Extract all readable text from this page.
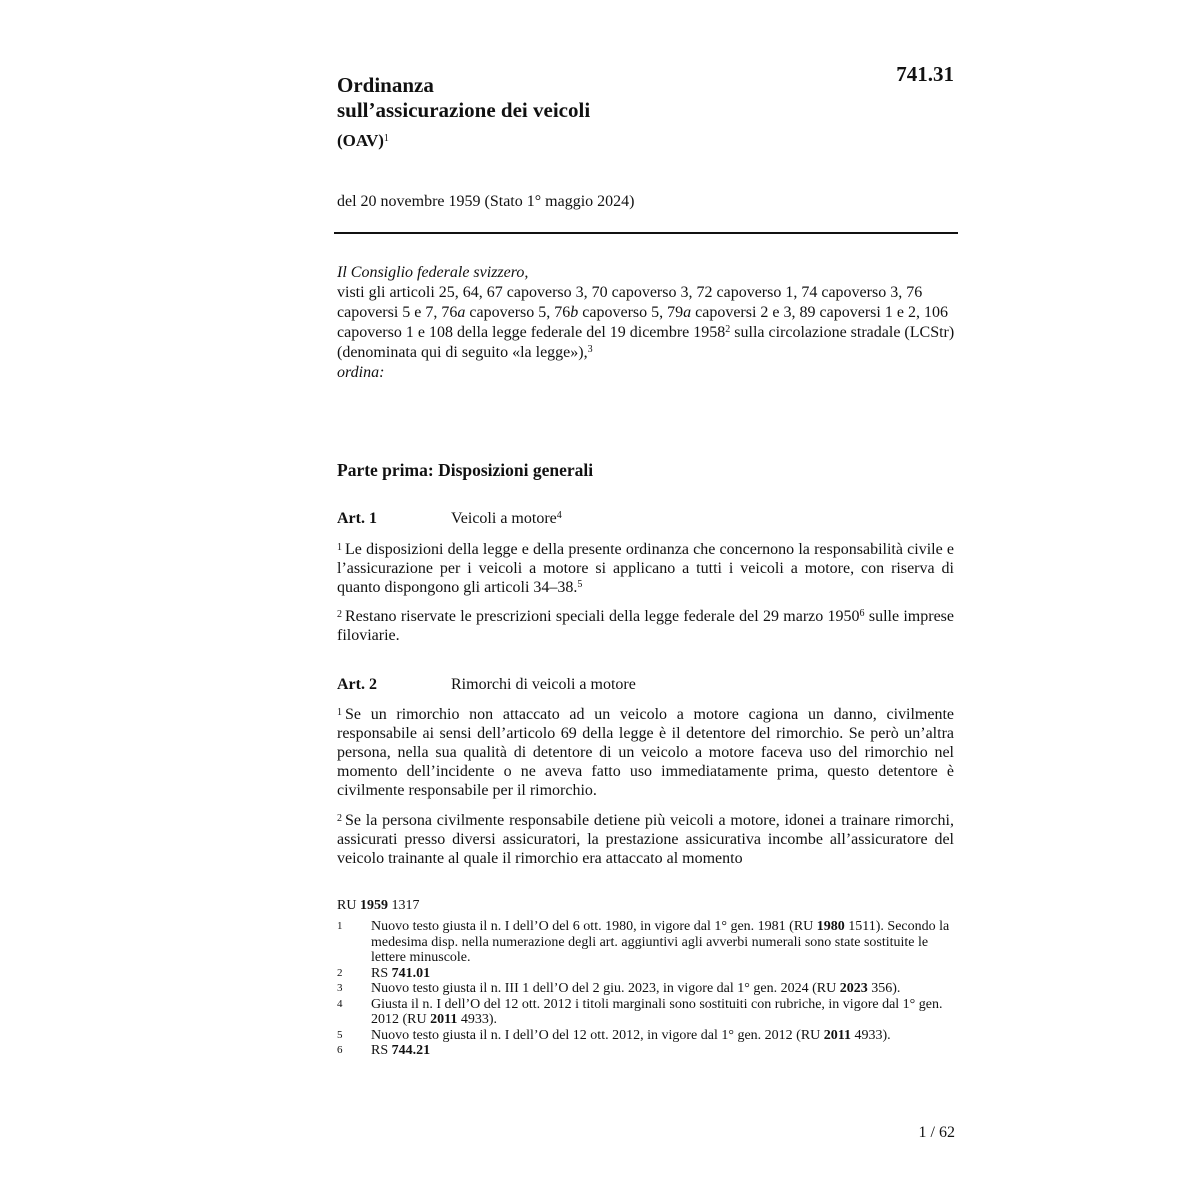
Ordinanza
sull’assicurazione dei veicoli
(OAV)$^1$
741.31
del 20 novembre 1959 (Stato 1° maggio 2024)
Il Consiglio federale svizzero,
visti gli articoli 25, 64, 67 capoverso 3, 70 capoverso 3, 72 capoverso 1, 74 capoverso 3, 76 capoversi 5 e 7, 76a capoverso 5, 76b capoverso 5, 79a capoversi 2 e 3, 89 capoversi 1 e 2, 106 capoverso 1 e 108 della legge federale del 19 dicembre 1958$^2$ sulla circolazione stradale (LCStr) (denominata qui di seguito «la legge»),$^3$
ordina:
Parte prima: Disposizioni generali
Art. 1	Veicoli a motore$^4$
$^1$ Le disposizioni della legge e della presente ordinanza che concernono la responsabilità civile e l’assicurazione per i veicoli a motore si applicano a tutti i veicoli a motore, con riserva di quanto dispongono gli articoli 34–38.$^5$
$^2$ Restano riservate le prescrizioni speciali della legge federale del 29 marzo 1950$^6$ sulle imprese filoviarie.
Art. 2	Rimorchi di veicoli a motore
$^1$ Se un rimorchio non attaccato ad un veicolo a motore cagiona un danno, civilmente responsabile ai sensi dell’articolo 69 della legge è il detentore del rimorchio. Se però un’altra persona, nella sua qualità di detentore di un veicolo a motore faceva uso del rimorchio nel momento dell’incidente o ne aveva fatto uso immediatamente prima, questo detentore è civilmente responsabile per il rimorchio.
$^2$ Se la persona civilmente responsabile detiene più veicoli a motore, idonei a trainare rimorchi, assicurati presso diversi assicuratori, la prestazione assicurativa incombe all’assicuratore del veicolo trainante al quale il rimorchio era attaccato al momento
RU 1959 1317
1	Nuovo testo giusta il n. I dell’O del 6 ott. 1980, in vigore dal 1° gen. 1981 (RU 1980 1511). Secondo la medesima disp. nella numerazione degli art. aggiuntivi agli avverbi numerali sono state sostituite le lettere minuscole.
2	RS 741.01
3	Nuovo testo giusta il n. III 1 dell’O del 2 giu. 2023, in vigore dal 1° gen. 2024 (RU 2023 356).
4	Giusta il n. I dell’O del 12 ott. 2012 i titoli marginali sono sostituiti con rubriche, in vigore dal 1° gen. 2012 (RU 2011 4933).
5	Nuovo testo giusta il n. I dell’O del 12 ott. 2012, in vigore dal 1° gen. 2012 (RU 2011 4933).
6	RS 744.21
1 / 62
